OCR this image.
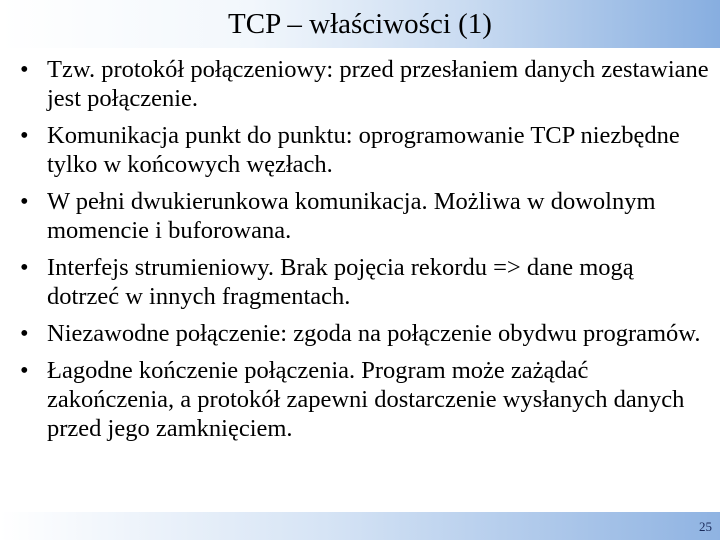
TCP – właściwości (1)
• Tzw. protokół połączeniowy: przed przesłaniem danych zestawiane jest połączenie.
• Komunikacja punkt do punktu: oprogramowanie TCP niezbędne tylko w końcowych węzłach.
• W pełni dwukierunkowa komunikacja. Możliwa w dowolnym momencie i buforowana.
• Interfejs strumieniowy. Brak pojęcia rekordu => dane mogą dotrzeć w innych fragmentach.
• Niezawodne połączenie: zgoda na połączenie obydwu programów.
• Łagodne kończenie połączenia. Program może zażądać zakończenia, a protokół zapewni dostarczenie wysłanych danych przed jego zamknięciem.
25
